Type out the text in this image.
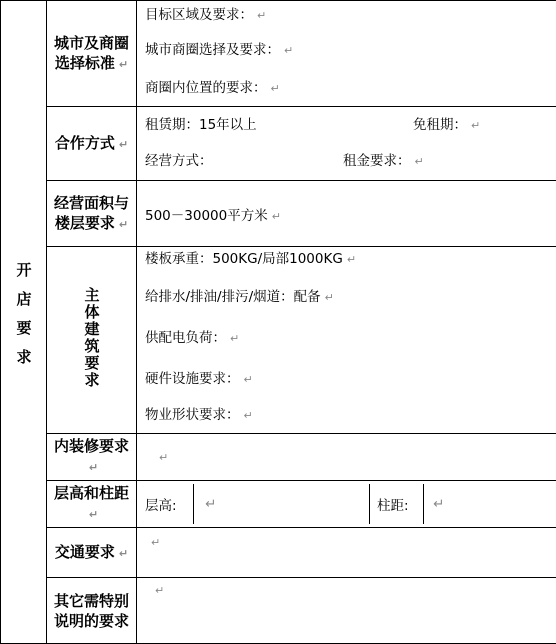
开店要求	城市及商圈选择标准 ↵	目标区域及要求： ↵
城市商圈选择及要求： ↵
商圈内位置的要求： ↵

	合作方式 ↵	租赁期：15年以上 免租期： ↵
经营方式： 租金要求： ↵

	经营面积与楼层要求 ↵	500－30000平方米 ↵
	主体建筑要求	楼板承重：500KG/局部1000KG ↵
给排水/排油/排污/烟道：配备 ↵
供配电负荷： ↵
硬件设施要求： ↵
物业形状要求： ↵

	内装修要求↵	↵
	层高和柱距↵	层高: ↵ 柱距: ↵

	交通要求 ↵	↵
	其它需特别说明的要求	↵
